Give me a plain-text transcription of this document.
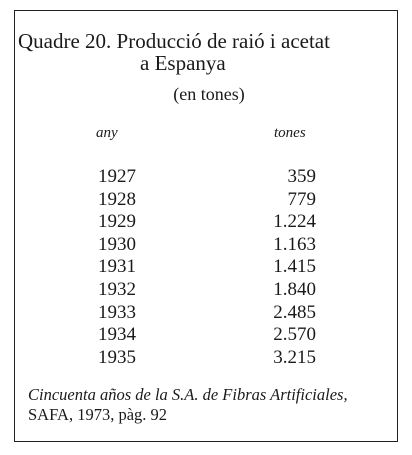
Quadre 20. Producció de raió i acetat
a Espanya
(en tones)
any	tones
1927	359
1928	779
1929	1.224
1930	1.163
1931	1.415
1932	1.840
1933	2.485
1934	2.570
1935	3.215
Cincuenta años de la S.A. de Fibras Artificiales,
SAFA, 1973, pàg. 92
